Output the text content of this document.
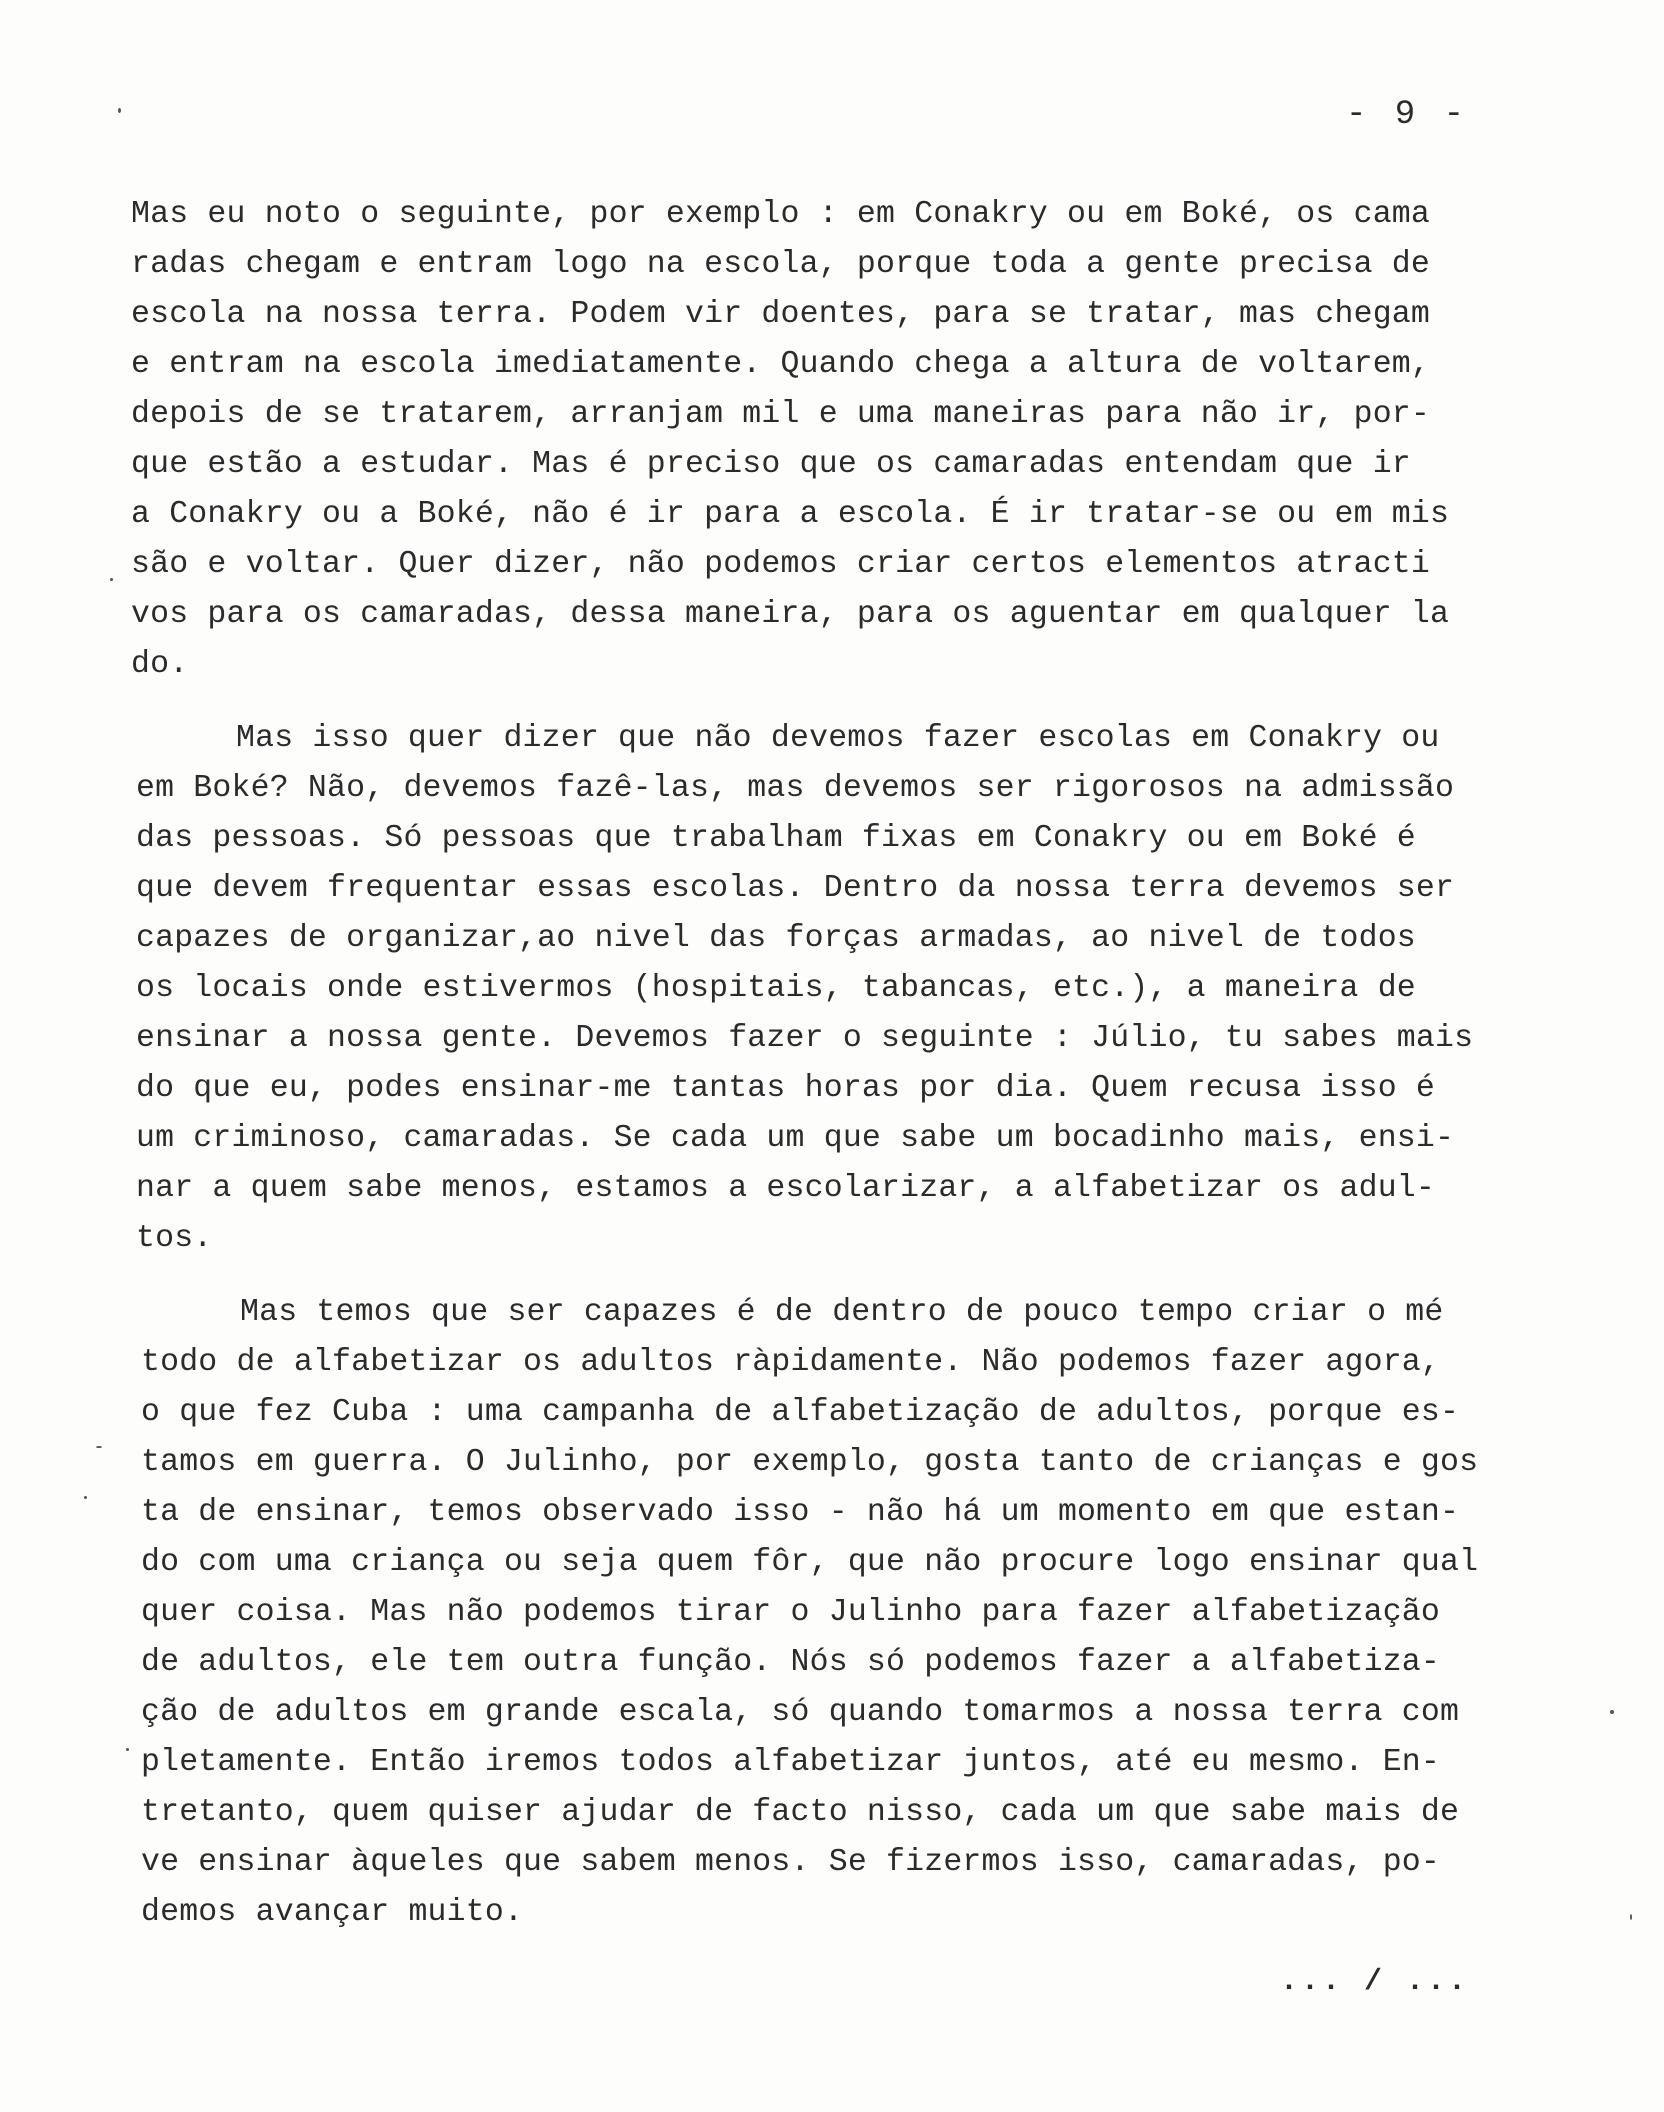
- 9 -
Mas eu noto o seguinte, por exemplo : em Conakry ou em Boké, os cama
radas chegam e entram logo na escola, porque toda a gente precisa de
escola na nossa terra. Podem vir doentes, para se tratar, mas chegam
e entram na escola imediatamente. Quando chega a altura de voltarem,
depois de se tratarem, arranjam mil e uma maneiras para não ir, por-
que estão a estudar. Mas é preciso que os camaradas entendam que ir
a Conakry ou a Boké, não é ir para a escola. É ir tratar-se ou em mis
são e voltar. Quer dizer, não podemos criar certos elementos atracti
vos para os camaradas, dessa maneira, para os aguentar em qualquer la
do.
Mas isso quer dizer que não devemos fazer escolas em Conakry ou
em Boké? Não, devemos fazê-las, mas devemos ser rigorosos na admissão
das pessoas. Só pessoas que trabalham fixas em Conakry ou em Boké é
que devem frequentar essas escolas. Dentro da nossa terra devemos ser
capazes de organizar,ao nivel das forças armadas, ao nivel de todos
os locais onde estivermos (hospitais, tabancas, etc.), a maneira de
ensinar a nossa gente. Devemos fazer o seguinte : Júlio, tu sabes mais
do que eu, podes ensinar-me tantas horas por dia. Quem recusa isso é
um criminoso, camaradas. Se cada um que sabe um bocadinho mais, ensi-
nar a quem sabe menos, estamos a escolarizar, a alfabetizar os adul-
tos.
Mas temos que ser capazes é de dentro de pouco tempo criar o mé
todo de alfabetizar os adultos ràpidamente. Não podemos fazer agora,
o que fez Cuba : uma campanha de alfabetização de adultos, porque es-
tamos em guerra. O Julinho, por exemplo, gosta tanto de crianças e gos
ta de ensinar, temos observado isso - não há um momento em que estan-
do com uma criança ou seja quem fôr, que não procure logo ensinar qual
quer coisa. Mas não podemos tirar o Julinho para fazer alfabetização
de adultos, ele tem outra função. Nós só podemos fazer a alfabetiza-
ção de adultos em grande escala, só quando tomarmos a nossa terra com
pletamente. Então iremos todos alfabetizar juntos, até eu mesmo. En-
tretanto, quem quiser ajudar de facto nisso, cada um que sabe mais de
ve ensinar àqueles que sabem menos. Se fizermos isso, camaradas, po-
demos avançar muito.
... / ...
